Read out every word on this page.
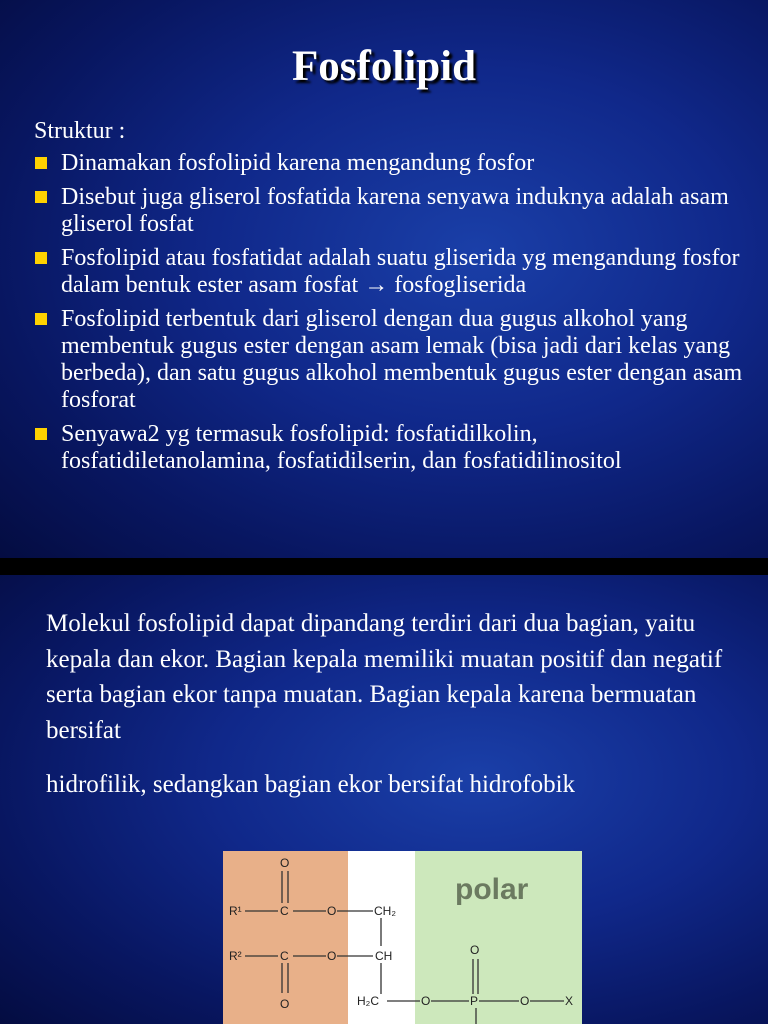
Fosfolipid
Struktur :
Dinamakan fosfolipid karena mengandung fosfor
Disebut juga gliserol fosfatida karena senyawa induknya adalah asam gliserol fosfat
Fosfolipid atau fosfatidat adalah suatu gliserida yg mengandung fosfor dalam bentuk ester asam fosfat → fosfogliserida
Fosfolipid terbentuk dari gliserol dengan dua gugus alkohol yang membentuk gugus ester dengan asam lemak (bisa jadi dari kelas yang berbeda), dan satu gugus alkohol membentuk gugus ester dengan asam fosforat
Senyawa2 yg termasuk fosfolipid: fosfatidilkolin, fosfatidiletanolamina, fosfatidilserin, dan fosfatidilinositol
Molekul fosfolipid dapat dipandang terdiri dari dua bagian, yaitu kepala dan ekor. Bagian kepala memiliki muatan positif dan negatif serta bagian ekor tanpa muatan. Bagian kepala karena bermuatan bersifat
hidrofilik, sedangkan bagian ekor bersifat hidrofobik
polar
O
R¹	C	O	CH₂
R²	C	O	CH
O	H₂C	O
O
P	O	X
